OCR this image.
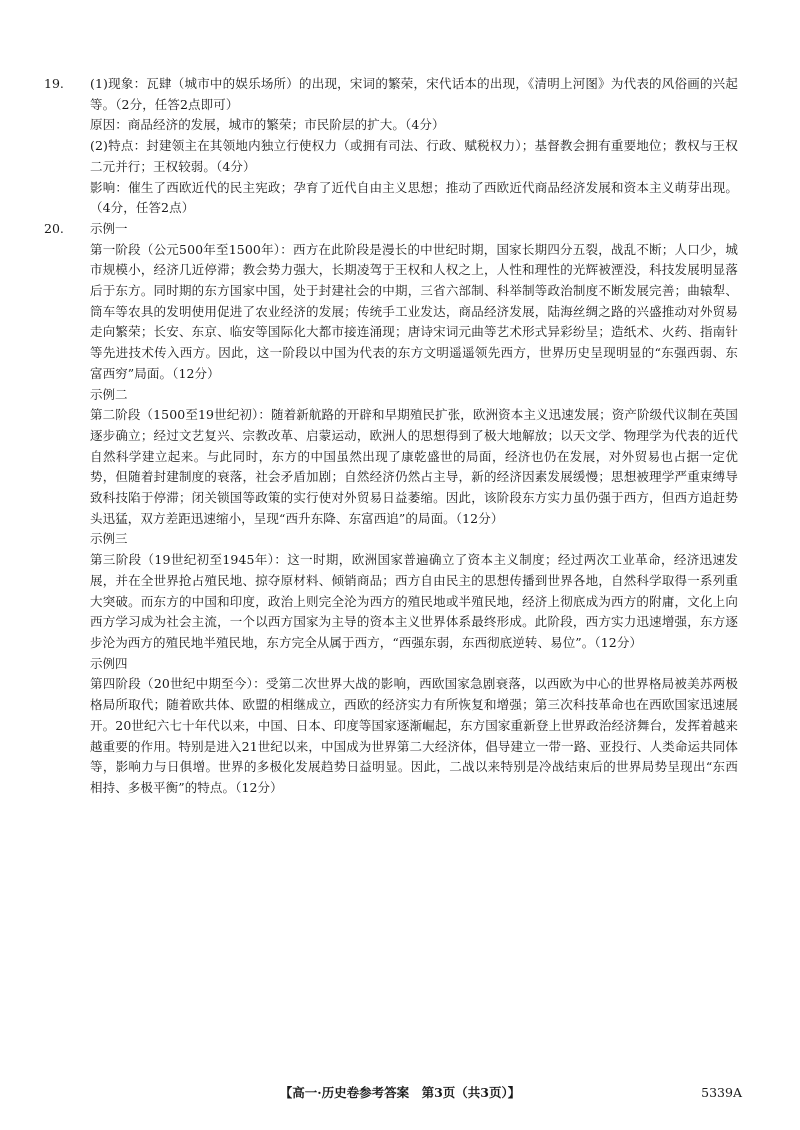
19. (1)现象：瓦肆（城市中的娱乐场所）的出现，宋词的繁荣，宋代话本的出现，《清明上河图》为代表的风俗画的兴起等。（2分，任答2点即可）

原因：商品经济的发展，城市的繁荣；市民阶层的扩大。（4分）

(2)特点：封建领主在其领地内独立行使权力（或拥有司法、行政、赋税权力）；基督教会拥有重要地位；教权与王权二元并行；王权较弱。（4分）

影响：催生了西欧近代的民主宪政；孕育了近代自由主义思想；推动了西欧近代商品经济发展和资本主义萌芽出现。（4分，任答2点）

20. 示例一

第一阶段（公元500年至1500年）：西方在此阶段是漫长的中世纪时期，国家长期四分五裂，战乱不断；人口少，城市规模小，经济几近停滞；教会势力强大，长期凌驾于王权和人权之上，人性和理性的光辉被湮没，科技发展明显落后于东方。同时期的东方国家中国，处于封建社会的中期，三省六部制、科举制等政治制度不断发展完善；曲辕犁、筒车等农具的发明使用促进了农业经济的发展；传统手工业发达，商品经济发展，陆海丝绸之路的兴盛推动对外贸易走向繁荣；长安、东京、临安等国际化大都市接连涌现；唐诗宋词元曲等艺术形式异彩纷呈；造纸术、火药、指南针等先进技术传入西方。因此，这一阶段以中国为代表的东方文明遥遥领先西方，世界历史呈现明显的“东强西弱、东富西穷”局面。（12分）

示例二

第二阶段（1500至19世纪初）：随着新航路的开辟和早期殖民扩张，欧洲资本主义迅速发展；资产阶级代议制在英国逐步确立；经过文艺复兴、宗教改革、启蒙运动，欧洲人的思想得到了极大地解放；以天文学、物理学为代表的近代自然科学建立起来。与此同时，东方的中国虽然出现了康乾盛世的局面，经济也仍在发展，对外贸易也占据一定优势，但随着封建制度的衰落，社会矛盾加剧；自然经济仍然占主导，新的经济因素发展缓慢；思想被理学严重束缚导致科技陷于停滞；闭关锁国等政策的实行使对外贸易日益萎缩。因此，该阶段东方实力虽仍强于西方，但西方追赶势头迅猛，双方差距迅速缩小，呈现“西升东降、东富西追”的局面。（12分）

示例三

第三阶段（19世纪初至1945年）：这一时期，欧洲国家普遍确立了资本主义制度；经过两次工业革命，经济迅速发展，并在全世界抢占殖民地、掠夺原材料、倾销商品；西方自由民主的思想传播到世界各地，自然科学取得一系列重大突破。而东方的中国和印度，政治上则完全沦为西方的殖民地或半殖民地，经济上彻底成为西方的附庸，文化上向西方学习成为社会主流，一个以西方国家为主导的资本主义世界体系最终形成。此阶段，西方实力迅速增强，东方逐步沦为西方的殖民地半殖民地，东方完全从属于西方，“西强东弱，东西彻底逆转、易位”。（12分）

示例四

第四阶段（20世纪中期至今）：受第二次世界大战的影响，西欧国家急剧衰落，以西欧为中心的世界格局被美苏两极格局所取代；随着欧共体、欧盟的相继成立，西欧的经济实力有所恢复和增强；第三次科技革命也在西欧国家迅速展开。20世纪六七十年代以来，中国、日本、印度等国家逐渐崛起，东方国家重新登上世界政治经济舞台，发挥着越来越重要的作用。特别是进入21世纪以来，中国成为世界第二大经济体，倡导建立一带一路、亚投行、人类命运共同体等，影响力与日俱增。世界的多极化发展趋势日益明显。因此，二战以来特别是冷战结束后的世界局势呈现出“东西相持、多极平衡”的特点。（12分）

【高一·历史卷参考答案　第3页（共3页）】	5339A
